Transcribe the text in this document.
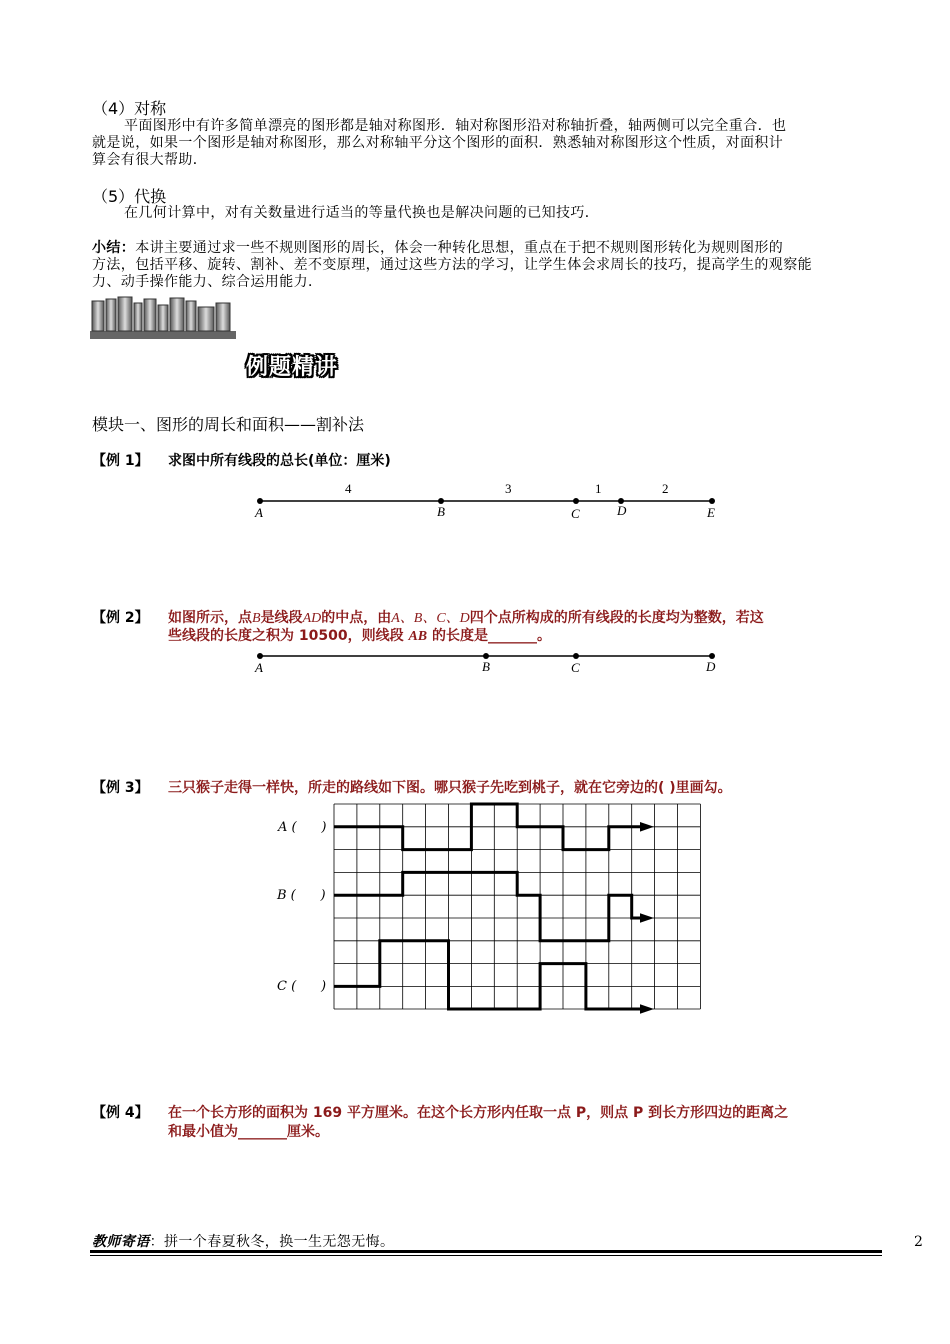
（4）对称
平面图形中有许多简单漂亮的图形都是轴对称图形．轴对称图形沿对称轴折叠，轴两侧可以完全重合．也
就是说，如果一个图形是轴对称图形，那么对称轴平分这个图形的面积．熟悉轴对称图形这个性质，对面积计
算会有很大帮助．
（5）代换
在几何计算中，对有关数量进行适当的等量代换也是解决问题的已知技巧．
小结：本讲主要通过求一些不规则图形的周长，体会一种转化思想，重点在于把不规则图形转化为规则图形的
方法，包括平移、旋转、割补、差不变原理，通过这些方法的学习，让学生体会求周长的技巧，提高学生的观察能
力、动手操作能力、综合运用能力．
例题精讲
模块一、图形的周长和面积——割补法
【例 1】 求图中所有线段的总长(单位：厘米)
4	3	1	2
A	B	C	D	E
【例 2】 如图所示，点B是线段AD的中点，由A、B、C、D四个点所构成的所有线段的长度均为整数，若这
些线段的长度之积为 10500，则线段 AB 的长度是_______。
A	B	C	D
【例 3】 三只猴子走得一样快，所走的路线如下图。哪只猴子先吃到桃子，就在它旁边的( )里画勾。
A (      )
B (      )
C (      )
【例 4】 在一个长方形的面积为 169 平方厘米。在这个长方形内任取一点 P，则点 P 到长方形四边的距离之
和最小值为_______厘米。
教师寄语：拼一个春夏秋冬，换一生无怨无悔。	2
